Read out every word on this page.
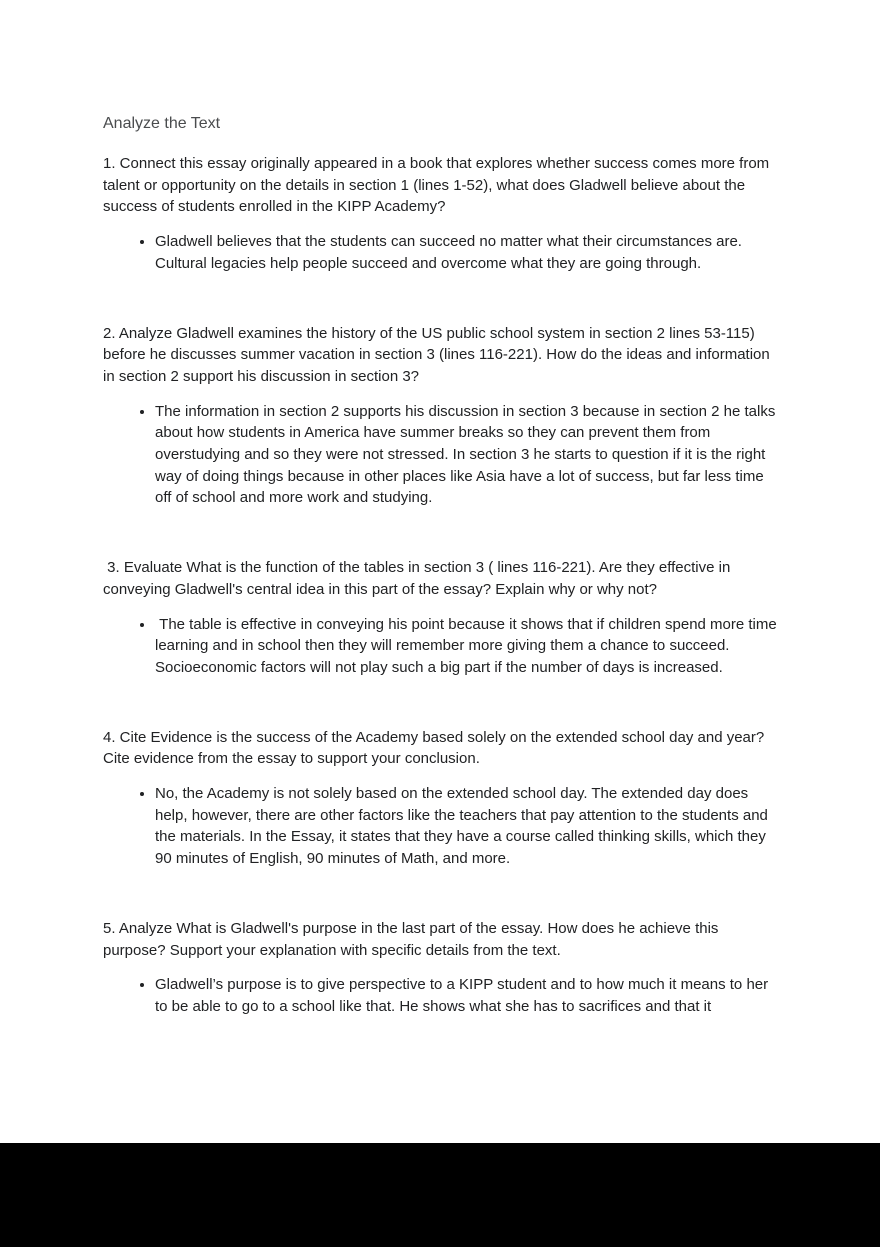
Analyze the Text

1. Connect this essay originally appeared in a book that explores whether success comes more from talent or opportunity on the details in section 1 (lines 1-52), what does Gladwell believe about the success of students enrolled in the KIPP Academy?

• Gladwell believes that the students can succeed no matter what their circumstances are. Cultural legacies help people succeed and overcome what they are going through.

2. Analyze Gladwell examines the history of the US public school system in section 2 lines 53-115) before he discusses summer vacation in section 3 (lines 116-221). How do the ideas and information in section 2 support his discussion in section 3?

• The information in section 2 supports his discussion in section 3 because in section 2 he talks about how students in America have summer breaks so they can prevent them from overstudying and so they were not stressed. In section 3 he starts to question if it is the right way of doing things because in other places like Asia have a lot of success, but far less time off of school and more work and studying.

3. Evaluate What is the function of the tables in section 3 ( lines 116-221). Are they effective in conveying Gladwell's central idea in this part of the essay? Explain why or why not?

•  The table is effective in conveying his point because it shows that if children spend more time learning and in school then they will remember more giving them a chance to succeed. Socioeconomic factors will not play such a big part if the number of days is increased.

4. Cite Evidence is the success of the Academy based solely on the extended school day and year? Cite evidence from the essay to support your conclusion.

• No, the Academy is not solely based on the extended school day. The extended day does help, however, there are other factors like the teachers that pay attention to the students and the materials. In the Essay, it states that they have a course called thinking skills, which they 90 minutes of English, 90 minutes of Math, and more.

5. Analyze What is Gladwell's purpose in the last part of the essay. How does he achieve this purpose? Support your explanation with specific details from the text.

• Gladwell’s purpose is to give perspective to a KIPP student and to how much it means to her to be able to go to a school like that. He shows what she has to sacrifices and that it
